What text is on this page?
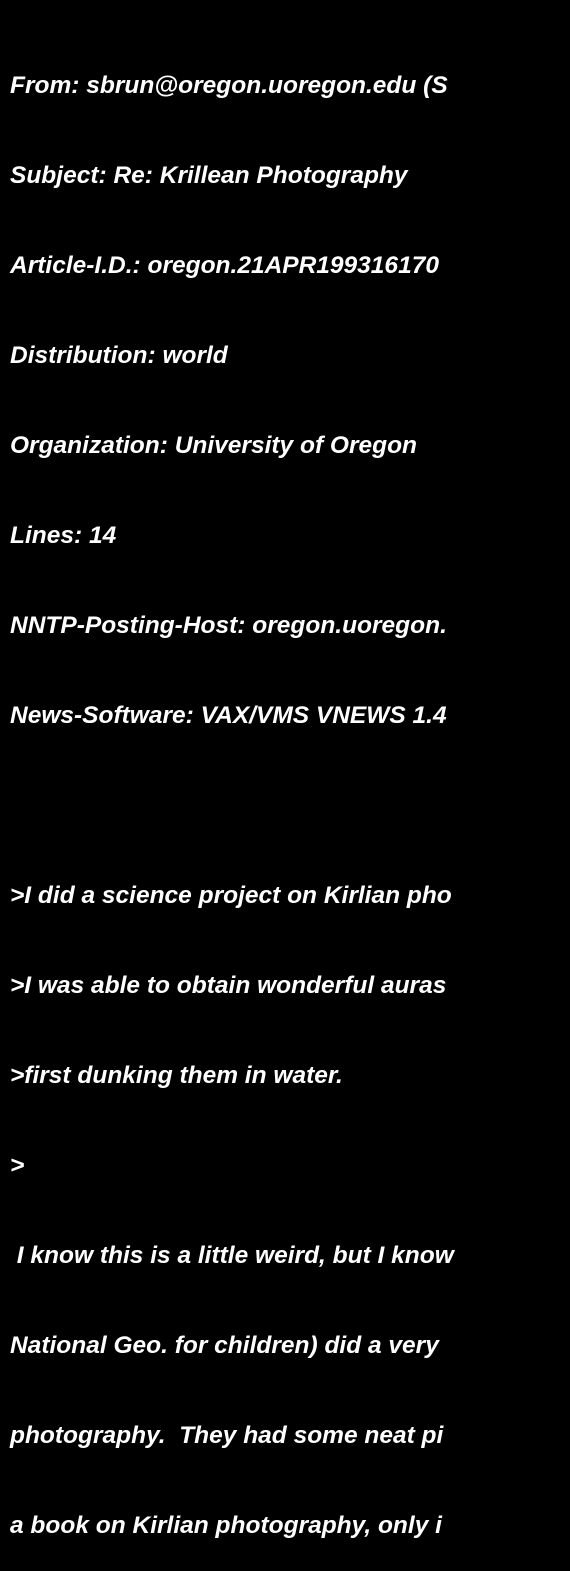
From: sbrun@oregon.uoregon.edu (S

Subject: Re: Krillean Photography

Article-I.D.: oregon.21APR199316170

Distribution: world

Organization: University of Oregon

Lines: 14

NNTP-Posting-Host: oregon.uoregon.

News-Software: VAX/VMS VNEWS 1.4

>I did a science project on Kirlian pho

>I was able to obtain wonderful auras

>first dunking them in water.

>

I know this is a little weird, but I know

National Geo. for children) did a very

photography.  They had some neat pi

a book on Kirlian photography, only i
